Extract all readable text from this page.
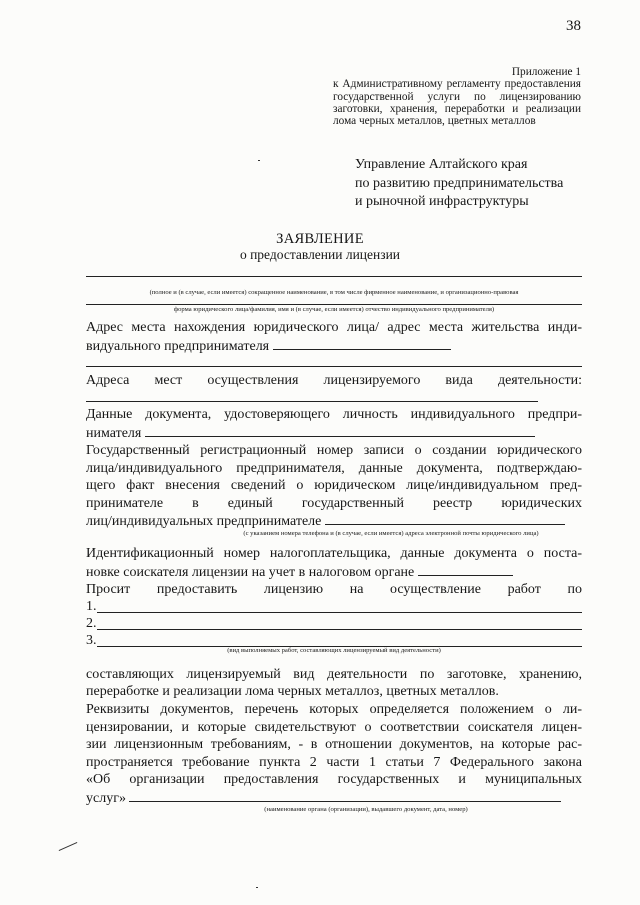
38
Приложение 1
к Административному регламенту предоставления государственной услуги по лицензированию заготовки, хранения, переработки и реализации лома черных металлов, цветных металлов
Управление Алтайского края
по развитию предпринимательства
и рыночной инфраструктуры
ЗАЯВЛЕНИЕ
о предоставлении лицензии
(полное и (в случае, если имеется) сокращенное наименование, в том числе фирменное наименование, и организационно-правовая
форма юридического лица/фамилия, имя и (в случае, если имеется) отчество индивидуального предпринимателя)
Адрес места нахождения юридического лица/ адрес места жительства инди-
видуального предпринимателя
Адреса мест осуществления лицензируемого вида деятельности:
Данные документа, удостоверяющего личность индивидуального предпри-
нимателя
Государственный регистрационный номер записи о создании юридического
лица/индивидуального предпринимателя, данные документа, подтверждаю-
щего факт внесения сведений о юридическом лице/индивидуальном пред-
принимателе в единый государственный реестр юридических
лиц/индивидуальных предпринимателе
(с указанием номера телефона и (в случае, если имеется) адреса электронной почты юридического лица)
Идентификационный номер налогоплательщика, данные документа о поста-
новке соискателя лицензии на учет в налоговом органе
Просит предоставить лицензию на осуществление работ по
1.
2.
3.
(вид выполняемых работ, составляющих лицензируемый вид деятельности)
составляющих лицензируемый вид деятельности по заготовке, хранению,
переработке и реализации лома черных металлоз, цветных металлов.
Реквизиты документов, перечень которых определяется положением о ли-
цензировании, и которые свидетельствуют о соответствии соискателя лицен-
зии лицензионным требованиям, - в отношении документов, на которые рас-
пространяется требование пункта 2 части 1 статьи 7 Федерального закона
«Об организации предоставления государственных и муниципальных
услуг»
(наименование органа (организации), выдавшего документ, дата, номер)
